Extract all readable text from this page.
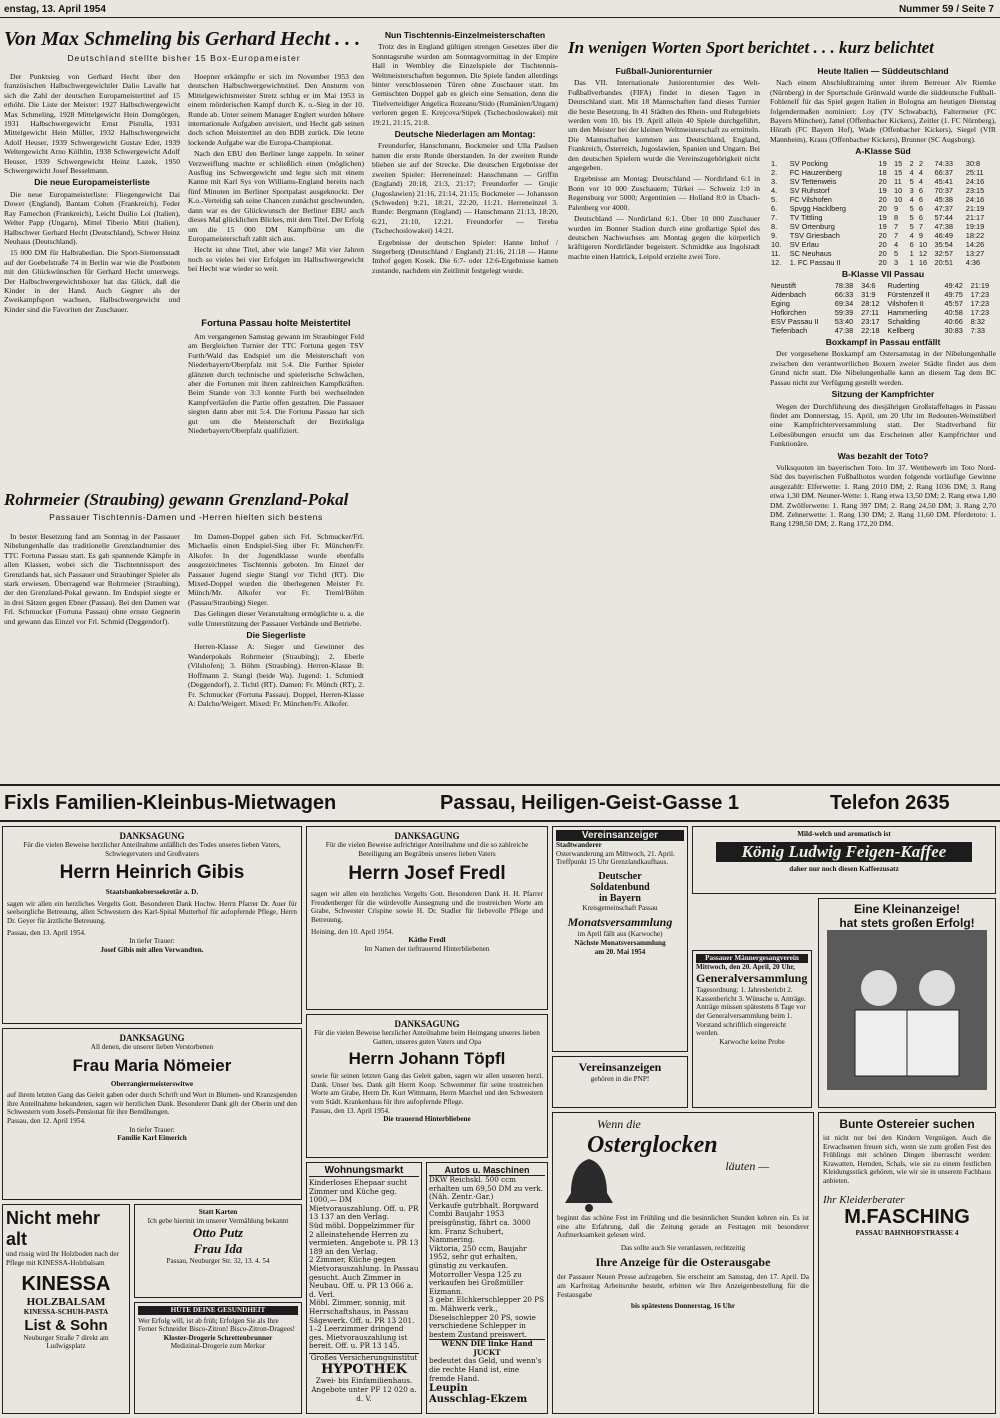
enstag, 13. April 1954	Nummer 59 / Seite 7
Von Max Schmeling bis Gerhard Hecht . . .
Deutschland stellte bisher 15 Box-Europameister

Der Punktsieg von Gerhard Hecht über den französischen Halbschwergewichtler Dalio Lavalle hat sich die Zahl der deutschen Europameistertitel auf 15 erhöht. Die Liste der Meister: 1927 Halbschwergewicht Max Schmeling, 1928 Mittelgewicht Hein Domgörgen, 1931 Halbschwergewicht Ernst Pistulla, 1931 Mittelgewicht Hein Müller, 1932 Halbschwergewicht Adolf Heuser, 1939 Schwergewicht Gustav Eder, 1939 Weltergewicht Arno Kölblin, 1938 Schwergewicht Adolf Heuser, 1939 Schwergewicht Heinz Lazek, 1950 Schwergewicht Josef Besselmann.

Die neue Europameisterliste

Die neue Europameisterliste: Fliegengewicht Dai Dower (England), Bantam Cohen (Frankreich), Feder Ray Famechon (Frankreich), Leicht Duilio Loi (Italien), Welter Papp (Ungarn), Mittel Tiberio Mitri (Italien), Halbschwer Gerhard Hecht (Deutschland), Schwer Heinz Neuhaus (Deutschland).

15 000 DM für Halbrabedian. Die Sport-Siemensstadt auf der Goebelstraße 74 in Berlin war wie die Postboten mit den Glückwünschen für Gerhard Hecht unterwegs. Der Halbschwergewichtsboxer hat das Glück, daß die Kinder in der Hand. Auch Gegner als der Zweikampfsport wachsen, Halbschwergewicht und Kinder sind die Favoriten der Zuschauer.

Hoepner erkämpfte er sich im November 1953 den deutschen Halbschwergewichtstitel. Den Ansturm von Mittelgewichtsmeister Stretz schlug er im Mai 1953 in einem mörderischen Kampf durch K. o.-Sieg in der 10. Runde ab. Unter seinem Manager Englert wurden höhere internationale Aufgaben anvisiert, und Hecht gab seinen doch schon Meistertitel an den BDB zurück. Die letzte lockende Aufgabe war die Europa-Championat.

Nach den EBU den Berliner lange zappeln. In seiner Verzweiflung machte er schließlich einen (möglichen) Ausflug ins Schwergewicht und legte sich mit einem Kanne mit Karl Sys von Williams-England bereits nach fünf Minuten im Berliner Sportpalast ausgeknockt. Der K.o.-Verteidig sah seine Chancen zunächst geschwunden, dann war es der Glückwunsch der Berliner EBU auch dieses Mal glücklichen Blickes, mit dem Titel. Der Erfolg um die 15 000 DM Kampfbörse um die Europameisterschaft zahlt sich aus.

Hecht ist ohne Titel, aber wie lange? Mit vier Jahren noch so vieles bei vier Erfolgen im Halbschwergewicht bei Hecht war wieder so weit.

Fortuna Passau holte Meistertitel

Am vergangenen Samstag gewann im Straubinger Feld am Bergleichen Turnier der TTC Fortuna gegen TSV Furth/Wald das Endspiel um die Meisterschaft von Niederbayern/Oberpfalz mit 5:4. Die Further Spieler glänzten durch technische und spielerische Schwächen, aber die Fortunen mit ihren zahlreichen Kampfkräften. Beim Stande von 3:3 konnte Furth bei wechselnden Kampfverläufen die Partie offen gestalten. Die Passauer siegten dann aber mit 5:4. Die Fortuna Passau hat sich gut um die Meisterschaft der Bezirksliga Niederbayern/Oberpfalz qualifiziert.

Nun Tischtennis-Einzelmeisterschaften

Trotz des in England gültigen strengen Gesetzes über die Sonntagsruhe wurden am Sonntagvormittag in der Empire Hall in Wembley die Einzelspiele der Tischtennis-Weltmeisterschaften begonnen. Die Spiele fanden allerdings hinter verschlossenen Türen ohne Zuschauer statt. Im Gemischten Doppel gab es gleich eine Sensation, denn die Titelverteidiger Angelica Rozeanu/Stido (Rumänien/Ungarn) verloren gegen E. Krejcova/Stipek (Tschechoslowakei) mit 19:21, 21:15, 21:8.

Deutsche Niederlagen am Montag:

Freundorfer, Hanschmann, Bockmeier und Ulla Paulsen hatten die erste Runde überstanden. In der zweiten Runde blieben sie auf der Strecke. Die deutschen Ergebnisse der zweiten Spieler: Herreneinzel: Hanschmann — Griffin (England) 20:18, 21:3, 21:17; Freundorfer — Grujic (Jugoslawien) 21:16, 21:14, 21:15; Bockmeier — Johansson (Schweden) 9:21, 18:21, 22:20, 11:21. Herreneinzel 3. Runde: Bergmann (England) — Hanschmann 21:13, 18:20, 6:21, 21:10, 12:21. Freundorfer — Tereba (Tschechoslowakei) 14:21.

Ergebnisse der deutschen Spieler: Hanne Imhof / Stegerberg (Deutschland / England) 21:16, 21:18 — Hanne Imhof gegen Kosek. Die 6:7- oder 12:6-Ergebnisse kamen zustande, nachdem ein Zeitlimit festgelegt wurde.

In wenigen Worten Sport berichtet . . . kurz belichtet
Fußball-Juniorenturnier

Das VII. Internationale Juniorenturnier des Welt-Fußballverbandes (FIFA) findet in diesen Tagen in Deutschland statt. Mit 18 Mannschaften fand dieses Turnier die beste Besetzung. In 41 Städten des Rhein- und Ruhrgebiets werden vom 10. bis 19. April allein 40 Spiele durchgeführt, um den Meister bei der kleinen Weltmeisterschaft zu ermitteln. Die Mannschaften kommen aus Deutschland, England, Frankreich, Österreich, Jugoslawien, Spanien und Ungarn. Bei den deutschen Spielern wurde die Vereinszugehörigkeit nicht angegeben.

Ergebnisse am Montag: Deutschland — Nordirland 6:1 in Bonn vor 10 000 Zuschauern; Türkei — Schweiz 1:0 in Regensburg vor 5000; Argentinien — Holland 8:0 in Übach-Palenberg vor 4000.

Deutschland — Nordirland 6:1. Über 10 000 Zuschauer wurden im Bonner Stadion durch eine großartige Spiel des deutschen Nachwuchses am Montag gegen die körperlich kräftigeren Nordirländer begeistert. Schmidtke aus Ingolstadt machte einen Hattrick, Leipold erzielte zwei Tore.

Heute Italien — Süddeutschland

Nach einem Abschlußtraining unter ihrem Betreuer Alv Riemke (Nürnberg) in der Sportschule Grünwald wurde die süddeutsche Fußball-Fohlenelf für das Spiel gegen Italien in Bologna am heutigen Dienstag folgendermaßen nominiert: Loy (TV Schwabach), Faltermeier (FC Bayern München), Jattel (Offenbacher Kickers), Zeitler (1. FC Nürnberg), Hörath (FC Bayern Hof), Wade (Offenbacher Kickers), Siegel (VfR Mannheim), Kraus (Offenbacher Kickers), Brunner (SC Augsburg).

A-Klasse Süd
1.	SV Pocking	19	15	2	2	74:33	30:8
2.	FC Hauzenberg	18	15	4	4	66:37	25:11
3.	SV Tettenweis	20	11	5	4	45:41	24:16
4.	SV Ruhstorf	19	10	3	6	70:37	23:15
5.	FC Vilshofen	20	10	4	6	45:38	24:16
6.	Spvgg Hacklberg	20	9	5	6	47:37	21:19
7.	TV Tittling	19	8	5	6	57:44	21:17
8.	SV Ortenburg	19	7	5	7	47:38	19:19
9.	TSV Griesbach	20	7	4	9	46:49	18:22
10.	SV Erlau	20	4	6	10	35:54	14:26
11.	SC Neuhaus	20	5	1	12	32:57	13:27
12.	1. FC Passau II	20	3	1	16	20:51	4:36
B-Klasse VII Passau
Neustift	78:38	34:6	Ruderting	49:42	21:19
Aidenbach	66:33	31:9	Fürstenzell II	49:75	17:23
Eging	69:34	28:12	Vilshofen II	45:57	17:23
Hofkirchen	59:39	27:11	Hammerling	40:58	17:23
ESV Passau II	53:40	23:17	Schalding	40:66	8:32
Tiefenbach	47:38	22:18	Kellberg	30:83	7:33
Boxkampf in Passau entfällt

Der vorgesehene Boxkampf am Ostersamstag in der Nibelungenhalle zwischen den verantwortlichen Boxern zweier Städte findet aus dem Grund nicht statt. Die Nibelungenhalle kann an diesem Tag dem BC Passau nicht zur Verfügung gestellt werden.

Sitzung der Kampfrichter

Wegen der Durchführung des diesjährigen Großstaffeltages in Passau findet am Donnerstag, 15. April, um 20 Uhr im Redouten-Weinstüberl eine Kampfrichterversammlung statt. Der Stadtverband für Leibesübungen ersucht um das Erscheinen aller Kampfrichter und Funktionäre.

Was bezahlt der Toto?

Volksquoten im bayerischen Toto. Im 37. Wettbewerb im Toto Nord-Süd des bayerischen Fußballtotos wurden folgende vorläufige Gewinne ausgezahlt: Elferwette: 1. Rang 2010 DM; 2. Rang 1036 DM; 3. Rang etwa 1,30 DM. Neuner-Wette: 1. Rang etwa 13,50 DM; 2. Rang etwa 1,80 DM. Zwölferwette: 1. Rang 397 DM; 2. Rang 24,50 DM; 3. Rang 2,70 DM. Zehnerwette: 1. Rang 130 DM; 2. Rang 11,60 DM. Pferdetoto: 1. Rang 1298,50 DM; 2. Rang 172,20 DM.

Rohrmeier (Straubing) gewann Grenzland-Pokal
Passauer Tischtennis-Damen und -Herren hielten sich bestens

In bester Besetzung fand am Sonntag in der Passauer Nibelungenhalle das traditionelle Grenzlandturnier des TTC Fortuna Passau statt. Es gab spannende Kämpfe in allen Klassen, wobei sich die Tischtennissport des Grenzlands hat, sich Passauer und Straubinger Spieler als stark erwiesen. Überragend war Rohrmeier (Straubing), der den Grenzland-Pokal gewann. Im Endspiel siegte er in drei Sätzen gegen Ebner (Passau). Bei den Damen war Frl. Schmucker (Fortuna Passau) ohne ernste Gegnerin und gewann das Einzel vor Frl. Schmid (Deggendorf).

Im Damen-Doppel gaben sich Frl. Schmucker/Frl. Michaelis einen Endspiel-Sieg über Fr. München/Fr. Alkofer. In der Jugendklasse wurde ebenfalls ausgezeichnetes Tischtennis geboten. Im Einzel der Passauer Jugend siegte Stangl vor Tichtl (RT). Die Mixed-Doppel wurden die überlegenen Meister Fr. Münch/Mr. Alkofer vor Fr. Treml/Böhm (Passau/Straubing) Sieger.

Das Gelingen dieser Veranstaltung ermöglichte u. a. die volle Unterstützung der Passauer Verbände und Betriebe.

Die Siegerliste

Herren-Klasse A: Sieger und Gewinner des Wanderpokals Rohrmeier (Straubing); 2. Eberle (Vilshofen); 3. Böhm (Straubing). Herren-Klasse B: Hoffmann 2. Stangl (beide Wa). Jugend: 1. Schmiedt (Deggendorf), 2. Tichtl (RT). Damen: Fr. Münch (RT), 2. Fr. Schmucker (Fortuna Passau). Doppel, Herren-Klasse A: Dalcho/Weigert. Mixed: Fr. München/Fr. Alkofer.

Fixls Familien-Kleinbus-Mietwagen	Passau, Heiligen-Geist-Gasse 1	Telefon 2635
DANKSAGUNG
Für die vielen Beweise herzlicher Anteilnahme anläßlich des Todes unseres lieben Vaters, Schwiegervaters und Großvaters
Herrn Heinrich Gibis
Staatsbankoberssekretär a. D.
sagen wir allen ein herzliches Vergelts Gott. Besonderen Dank Hochw. Herrn Pfarrer Dr. Auer für seelsorgliche Betreuung, allen Schwestern des Karl-Spital Mutterhof für aufopfernde Pflege, Herrn Dr. Geyer für ärztliche Betreuung.
Passau, den 13. April 1954.
In tiefer Trauer:
Josef Gibis mit allen Verwandten.
DANKSAGUNG
All denen, die unserer lieben Verstorbenen
Frau Maria Nömeier
Oberrangiermeisterswitwe
auf ihrem letzten Gang das Geleit gaben oder durch Schrift und Wort in Blumen- und Kranzspenden ihre Anteilnahme bekundeten, sagen wir herzlichen Dank. Besonderer Dank gilt der Oberin und den Schwestern vom Josefs-Pensionat für ihre Bemühungen.
Passau, den 12. April 1954.
In tiefer Trauer:
Familie Karl Eimerich
Nicht mehr alt
und rissig wird Ihr Holzboden nach der Pflege mit KINESSA-Holzbalsam
KINESSA
HOLZBALSAM
KINESSA-SCHUH-PASTA
List & Sohn
Neuburger Straße 7 direkt am Ludwigsplatz
Statt Karten
Ich gebe hiermit im unserer Vermählung bekannt
Otto Putz
Frau Ida
Passau, Neuburger Str. 32, 13. 4. 54
HÜTE DEINE GESUNDHEIT
Wer Erfolg will, ist ab früh; Erfolgen Sie als Ihre Ferner Schneider Bisco-Zitron! Bisco-Zitron-Dragees!
Kloster-Drogerie Schrettenbrunner
Medizinal-Drogerie zum Merkur
DANKSAGUNG
Für die vielen Beweise aufrichtiger Anteilnahme und die so zahlreiche Beteiligung am Begräbnis unseres lieben Vaters
Herrn Josef Fredl
sagen wir allen ein herzliches Vergelts Gott. Besonderen Dank H. H. Pfarrer Freudenberger für die würdevolle Aussegnung und die trostreichen Worte am Grabe, Schwester Crispine sowie H. Dr. Stadler für liebevolle Pflege und Betreuung.
Heining, den 10. April 1954.
Käthe Fredl
Im Namen der tieftrauernd Hinterbliebenen
DANKSAGUNG
Für die vielen Beweise herzlicher Anteilnahme beim Heimgang unseres lieben Gatten, unseres guten Vaters und Opa
Herrn Johann Töpfl
sowie für seinen letzten Gang das Geleit gaben, sagen wir allen unseren herzl. Dank. Unser bes. Dank gilt Herrn Koop. Schwemmer für seine trostreichen Worte am Grabe, Herrn Dr. Kurt Wittmann, Herrn Marchel und den Schwestern vom Städt. Krankenhaus für ihre aufopfernde Pflege.
Passau, den 13. April 1954.
Die trauernd Hinterbliebene
Wohnungsmarkt
Kinderloses Ehepaar sucht Zimmer und Küche geg. 1000,— DM Mietvorauszahlung. Off. u. PR 13 137 an den Verlag.
Süd möbl. Doppelzimmer für 2 alleinstehende Herren zu vermieten. Angebote u. PR 13 189 an den Verlag.
2 Zimmer, Küche gegen Mietvorauszahlung. In Passau gesucht. Auch Zimmer in Neubau. Off. u. PR 13 066 a. d. Verl.
Möbl. Zimmer, sonnig, mit Herrschaftshaus, in Passau Sägewerk. Off. u. PR 13 201.
1–2 Leerzimmer dringend ges. Mietvorauszahlung ist bereit. Off. u. PR 13 145.
Großes Versicherungsinstitut
HYPOTHEK
Zwei- bis Einfamilienhaus. Angebote unter PF 12 020 a. d. V.
Autos u. Maschinen
DKW Reichskl. 500 ccm erhalten um 69,50 DM zu verk. (Näh. Zentr.-Gar.)
Verkaufe gutrbhalt. Borgward Combi Baujahr 1953 preisgünstig, fährt ca. 3000 km. Franz Schubert, Nammering.
Viktoria, 250 ccm, Baujahr 1952, sehr gut erhalten, günstig zu verkaufen.
Motorroller Vespa 125 zu verkaufen bei Großmüller Eizmann.
3 gebr. Elchkerschlepper 20 PS m. Mähwerk verk., Dieselschlepper 20 PS, sowie verschiedene Schlepper in bestem Zustand preiswert.
WENN DIE linke Hand JUCKT
bedeutet das Geld, und wenn's die rechte Hand ist, eine fremde Hand.
Leupin
Ausschlag-Ekzem
Vereinsanzeiger
Stadtwanderer
Osterwanderung am Mittwoch, 21. April. Treffpunkt 15 Uhr Grenzlandkaufhaus.
Deutscher
Soldatenbund
in Bayern
Kreisgemeinschaft Passau
Monatsversammlung
im April fällt aus (Karwoche)
Nächste Monatsversammlung
am 20. Mai 1954
Vereinsanzeigen
gehören in die PNP!
Passauer Männergesangverein
Mittwoch, den 20. April, 20 Uhr,
Generalversammlung
Tagesordnung: 1. Jahresbericht 2. Kassenbericht 3. Wünsche u. Anträge. Anträge müssen spätestens 8 Tage vor der Generalversammlung beim 1. Vorstand schriftlich eingereicht werden.
Karwoche keine Probe
Mild-welch und aromatisch ist
König Ludwig Feigen-Kaffee
daher nur noch diesen Kaffeezusatz
Eine Kleinanzeige!
hat stets großen Erfolg!
Wenn die
Osterglocken
läuten —
beginnt das schöne Fest im Frühling und die besinnlichen Stunden kehren ein. Es ist eine alte Erfahrung, daß die Zeitung gerade an Festtagen mit besonderer Aufmerksamkeit gelesen wird.
Das sollte auch Sie veranlassen, rechtzeitig
Ihre Anzeige für die Osterausgabe
der Passauer Neuen Presse aufzugeben. Sie erscheint am Samstag, den 17. April. Da am Karfreitag Arbeitsruhe besteht, erbitten wir Ihre Anzeigenbestellung für die Festausgabe
bis spätestens Donnerstag, 16 Uhr
Bunte Ostereier suchen
ist nicht nur bei den Kindern Vergnügen. Auch die Erwachsenen freuen sich, wenn sie zum großen Fest des Frühlings mit schönen Dingen überrascht werden: Krawatten, Hemden, Schals, wie sie zu einem festlichen Kleidungsstück gehören, wie wir sie in unserem Fachhaus anbieten.
Ihr Kleiderberater
M.FASCHING
PASSAU BAHNHOFSTRASSE 4
